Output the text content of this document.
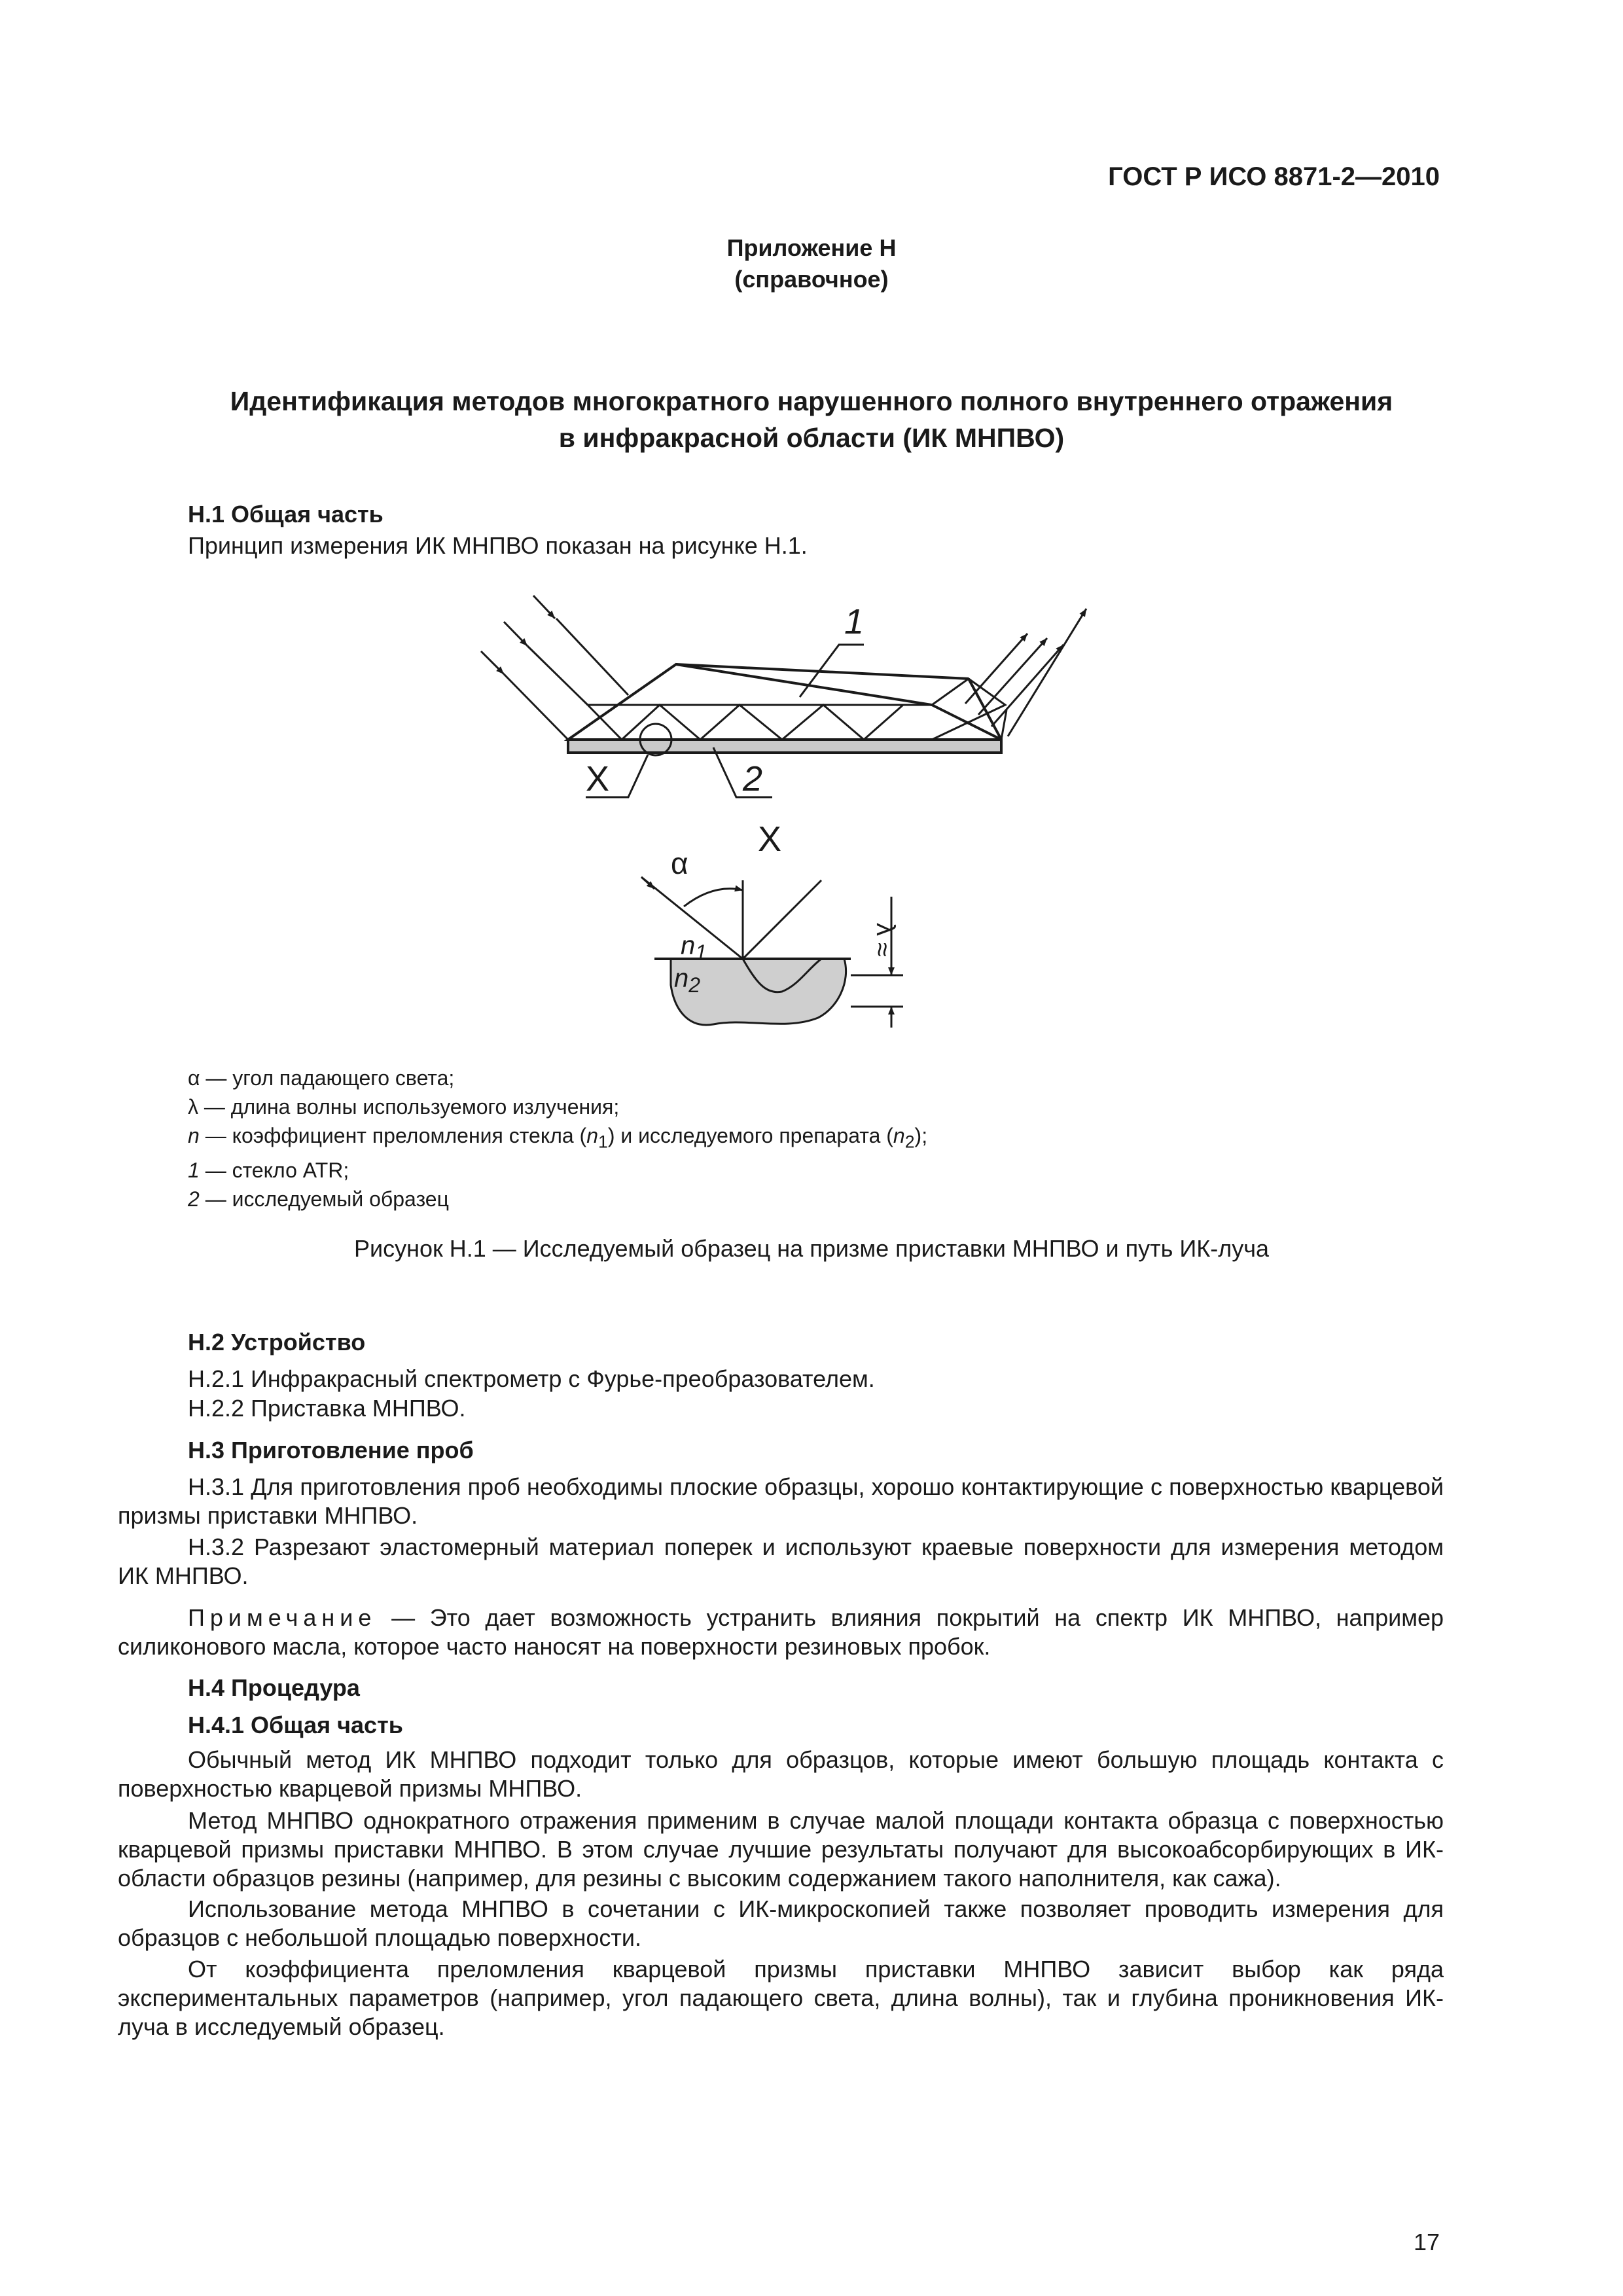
ГОСТ Р ИСО 8871-2—2010
Приложение Н
(справочное)
Идентификация методов многократного нарушенного полного внутреннего отражения
в инфракрасной области (ИК МНПВО)
Н.1 Общая часть
Принцип измерения ИК МНПВО показан на рисунке Н.1.
1
2
X
X
α
λ
≈
$n_1$
$n_2$
α — угол падающего света;
λ — длина волны используемого излучения;
n — коэффициент преломления стекла $(n_1)$ и исследуемого препарата $(n_2)$;
1 — стекло ATR;
2 — исследуемый образец
Рисунок Н.1 — Исследуемый образец на призме приставки МНПВО и путь ИК-луча
Н.2 Устройство
Н.2.1 Инфракрасный спектрометр с Фурье-преобразователем.
Н.2.2 Приставка МНПВО.
Н.3 Приготовление проб
Н.3.1 Для приготовления проб необходимы плоские образцы, хорошо контактирующие с поверхностью кварцевой призмы приставки МНПВО.
Н.3.2 Разрезают эластомерный материал поперек и используют краевые поверхности для измерения методом ИК МНПВО.
Примечание — Это дает возможность устранить влияния покрытий на спектр ИК МНПВО, например силиконового масла, которое часто наносят на поверхности резиновых пробок.
Н.4 Процедура
Н.4.1 Общая часть
Обычный метод ИК МНПВО подходит только для образцов, которые имеют большую площадь контакта с поверхностью кварцевой призмы МНПВО.
Метод МНПВО однократного отражения применим в случае малой площади контакта образца с поверхностью кварцевой призмы приставки МНПВО. В этом случае лучшие результаты получают для высокоабсорбирующих в ИК-области образцов резины (например, для резины с высоким содержанием такого наполнителя, как сажа).
Использование метода МНПВО в сочетании с ИК-микроскопией также позволяет проводить измерения для образцов с небольшой площадью поверхности.
От коэффициента преломления кварцевой призмы приставки МНПВО зависит выбор как ряда экспериментальных параметров (например, угол падающего света, длина волны), так и глубина проникновения ИК-луча в исследуемый образец.
17
